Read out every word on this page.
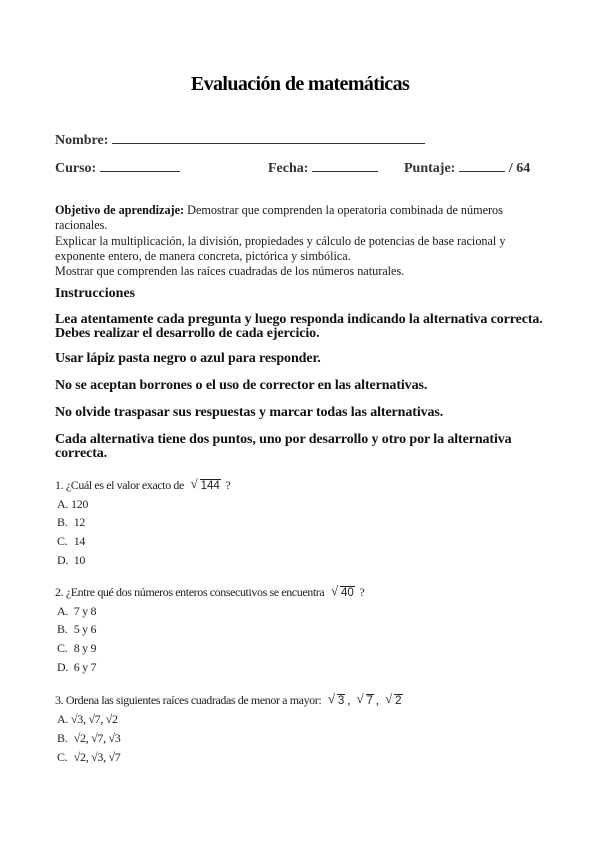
Evaluación de matemáticas
Nombre:
Curso:	Fecha:	Puntaje:	/ 64
Objetivo de aprendizaje: Demostrar que comprenden la operatoria combinada de números racionales.
Explicar la multiplicación, la división, propiedades y cálculo de potencias de base racional y exponente entero, de manera concreta, pictórica y simbólica.
Mostrar que comprenden las raíces cuadradas de los números naturales.
Instrucciones
Lea atentamente cada pregunta y luego responda indicando la alternativa correcta. Debes realizar el desarrollo de cada ejercicio.
Usar lápiz pasta negro o azul para responder.
No se aceptan borrones o el uso de corrector en las alternativas.
No olvide traspasar sus respuestas y marcar todas las alternativas.
Cada alternativa tiene dos puntos, uno por desarrollo y otro por la alternativa correcta.
1. ¿Cuál es el valor exacto de √ 144 ?
A. 120
B. 12
C. 14
D. 10
2. ¿Entre qué dos números enteros consecutivos se encuentra √ 40 ?
A. 7 y 8
B. 5 y 6
C. 8 y 9
D. 6 y 7
3. Ordena las siguientes raíces cuadradas de menor a mayor: √ 3 , √ 7 , √ 2
A. √3, √7, √2
B. √2, √7, √3
C. √2, √3, √7
